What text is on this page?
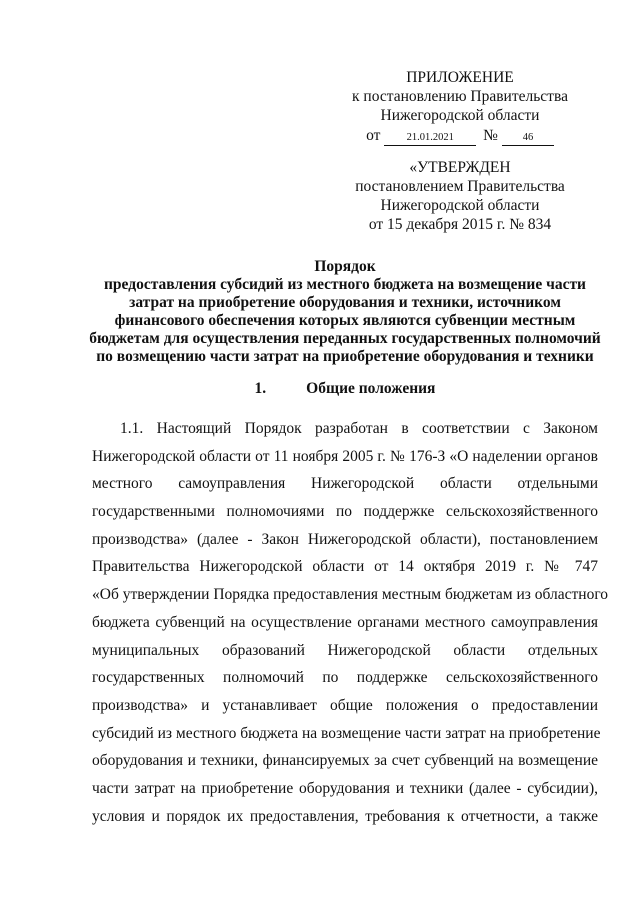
ПРИЛОЖЕНИЕ
к постановлению Правительства
Нижегородской области
от	21.01.2021 № 46
«УТВЕРЖДЕН
постановлением Правительства
Нижегородской области
от 15 декабря 2015 г. № 834
Порядок
предоставления субсидий из местного бюджета на возмещение части
затрат на приобретение оборудования и техники, источником
финансового обеспечения которых являются субвенции местным
бюджетам для осуществления переданных государственных полномочий
по возмещению части затрат на приобретение оборудования и техники
1.	Общие положения
1.1. Настоящий Порядок разработан в соответствии с Законом
Нижегородской области от 11 ноября 2005 г. № 176-З «О наделении органов
местного самоуправления Нижегородской области отдельными
государственными полномочиями по поддержке сельскохозяйственного
производства» (далее - Закон Нижегородской области), постановлением
Правительства Нижегородской области от 14 октября 2019 г. № 747
«Об утверждении Порядка предоставления местным бюджетам из областного
бюджета субвенций на осуществление органами местного самоуправления
муниципальных образований Нижегородской области отдельных
государственных полномочий по поддержке сельскохозяйственного
производства» и устанавливает общие положения о предоставлении
субсидий из местного бюджета на возмещение части затрат на приобретение
оборудования и техники, финансируемых за счет субвенций на возмещение
части затрат на приобретение оборудования и техники (далее - субсидии),
условия и порядок их предоставления, требования к отчетности, а также
